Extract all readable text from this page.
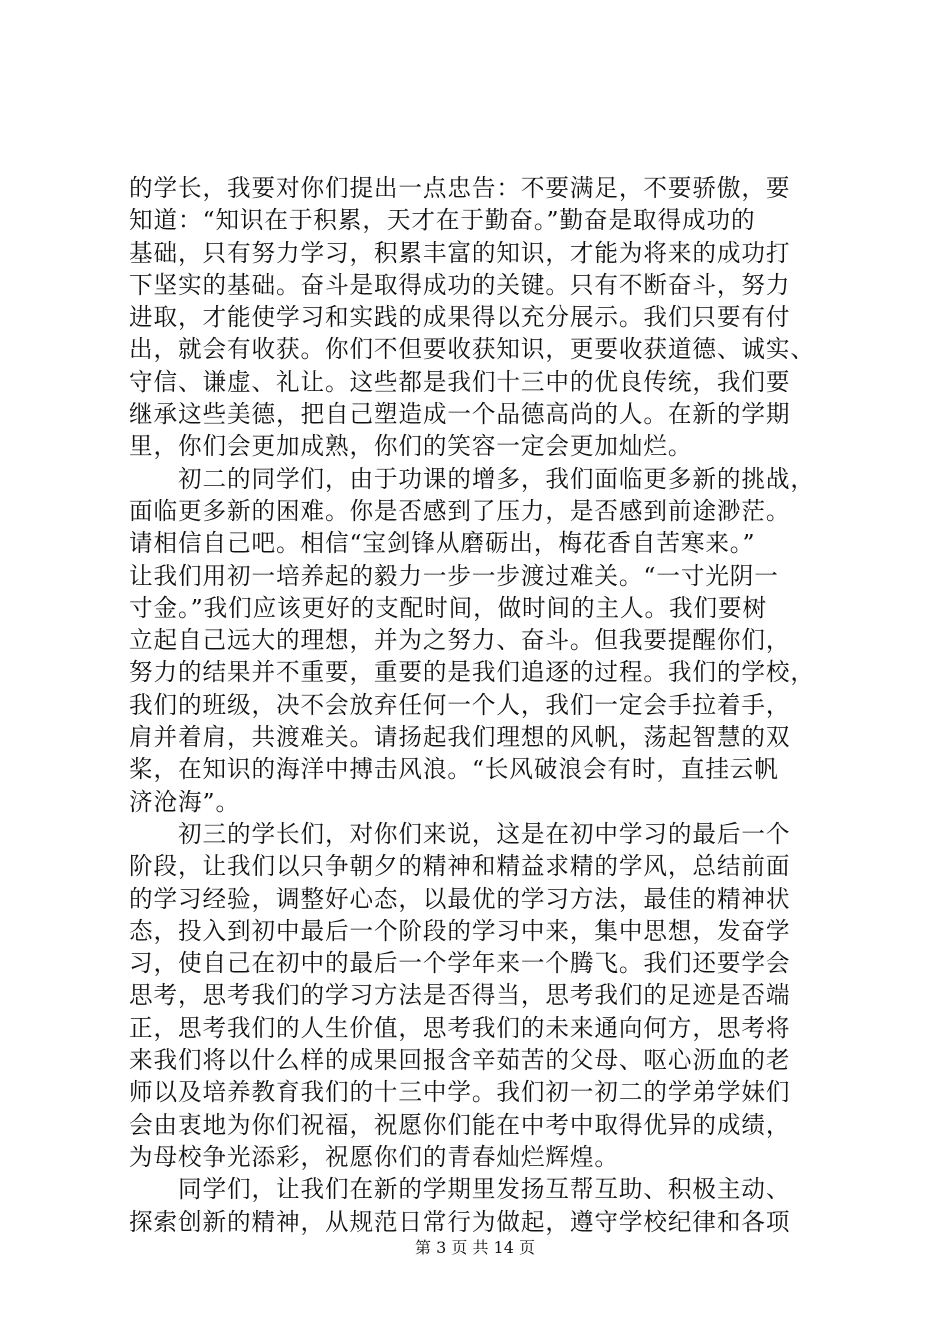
的学长，我要对你们提出一点忠告：不要满足，不要骄傲，要
知道：“知识在于积累，天才在于勤奋。”勤奋是取得成功的
基础，只有努力学习，积累丰富的知识，才能为将来的成功打
下坚实的基础。奋斗是取得成功的关键。只有不断奋斗，努力
进取，才能使学习和实践的成果得以充分展示。我们只要有付
出，就会有收获。你们不但要收获知识，更要收获道德、诚实、
守信、谦虚、礼让。这些都是我们十三中的优良传统，我们要
继承这些美德，把自己塑造成一个品德高尚的人。在新的学期
里，你们会更加成熟，你们的笑容一定会更加灿烂。
　　初二的同学们，由于功课的增多，我们面临更多新的挑战，
面临更多新的困难。你是否感到了压力，是否感到前途渺茫。
请相信自己吧。相信“宝剑锋从磨砺出，梅花香自苦寒来。”
让我们用初一培养起的毅力一步一步渡过难关。“一寸光阴一
寸金。”我们应该更好的支配时间，做时间的主人。我们要树
立起自己远大的理想，并为之努力、奋斗。但我要提醒你们，
努力的结果并不重要，重要的是我们追逐的过程。我们的学校，
我们的班级，决不会放弃任何一个人，我们一定会手拉着手，
肩并着肩，共渡难关。请扬起我们理想的风帆，荡起智慧的双
桨，在知识的海洋中搏击风浪。“长风破浪会有时，直挂云帆
济沧海”。
　　初三的学长们，对你们来说，这是在初中学习的最后一个
阶段，让我们以只争朝夕的精神和精益求精的学风，总结前面
的学习经验，调整好心态，以最优的学习方法，最佳的精神状
态，投入到初中最后一个阶段的学习中来，集中思想，发奋学
习，使自己在初中的最后一个学年来一个腾飞。我们还要学会
思考，思考我们的学习方法是否得当，思考我们的足迹是否端
正，思考我们的人生价值，思考我们的未来通向何方，思考将
来我们将以什么样的成果回报含辛茹苦的父母、呕心沥血的老
师以及培养教育我们的十三中学。我们初一初二的学弟学妹们
会由衷地为你们祝福，祝愿你们能在中考中取得优异的成绩，
为母校争光添彩，祝愿你们的青春灿烂辉煌。
　　同学们，让我们在新的学期里发扬互帮互助、积极主动、
探索创新的精神，从规范日常行为做起，遵守学校纪律和各项
第 3 页 共 14 页
